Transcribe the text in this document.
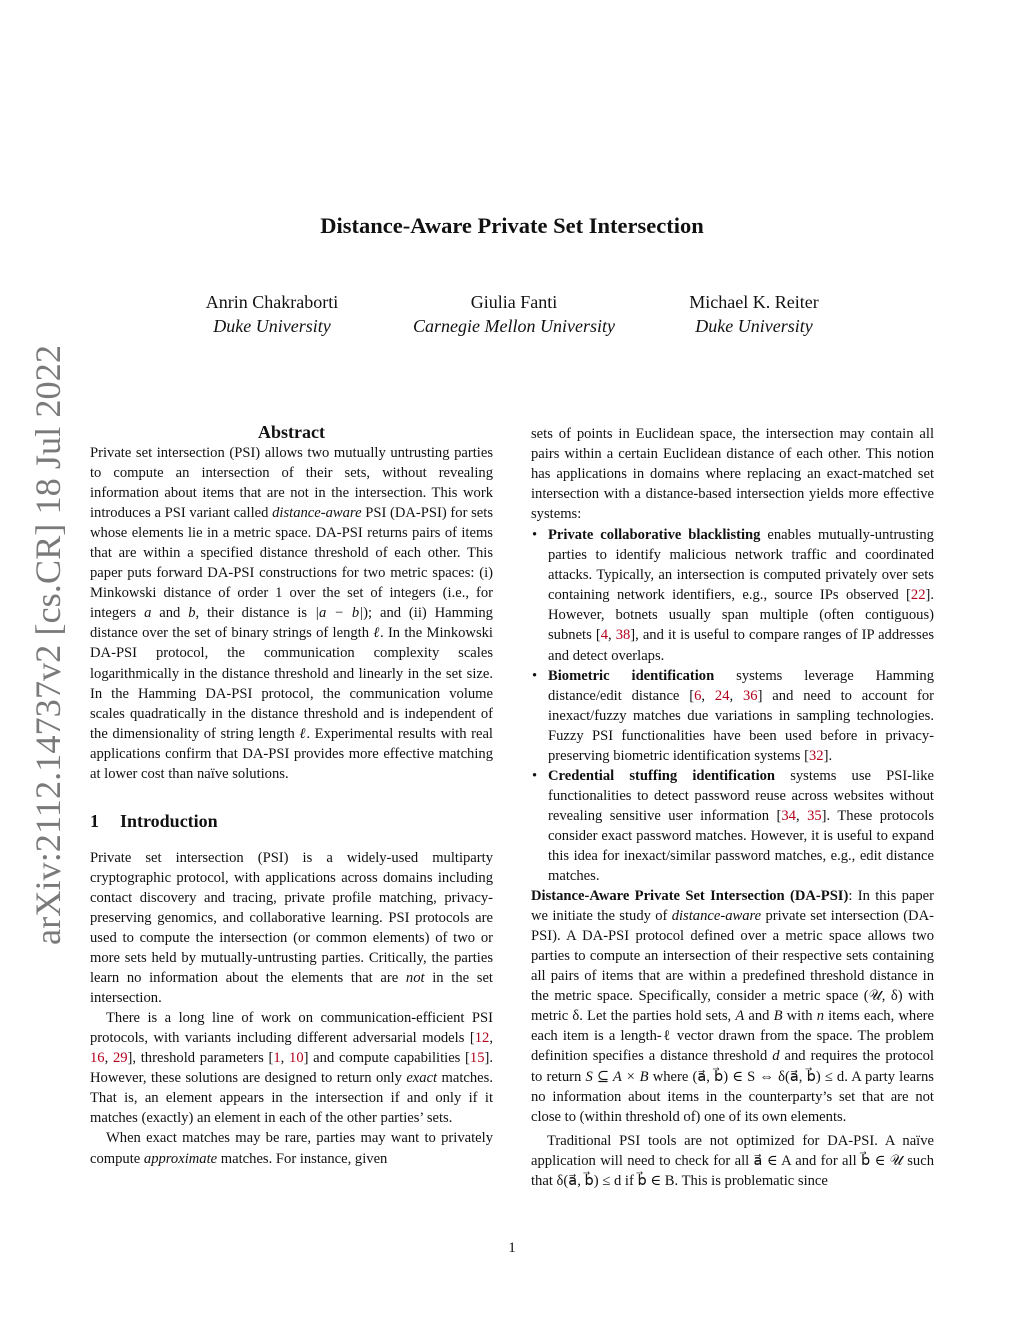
arXiv:2112.14737v2 [cs.CR] 18 Jul 2022
Distance-Aware Private Set Intersection
Anrin Chakraborti
Duke University
Giulia Fanti
Carnegie Mellon University
Michael K. Reiter
Duke University
Abstract

Private set intersection (PSI) allows two mutually untrusting parties to compute an intersection of their sets, without revealing information about items that are not in the intersection. This work introduces a PSI variant called distance-aware PSI (DA-PSI) for sets whose elements lie in a metric space. DA-PSI returns pairs of items that are within a specified distance threshold of each other. This paper puts forward DA-PSI constructions for two metric spaces: (i) Minkowski distance of order 1 over the set of integers (i.e., for integers a and b, their distance is |a − b|); and (ii) Hamming distance over the set of binary strings of length ℓ. In the Minkowski DA-PSI protocol, the communication complexity scales logarithmically in the distance threshold and linearly in the set size. In the Hamming DA-PSI protocol, the communication volume scales quadratically in the distance threshold and is independent of the dimensionality of string length ℓ. Experimental results with real applications confirm that DA-PSI provides more effective matching at lower cost than naïve solutions.

1 Introduction

Private set intersection (PSI) is a widely-used multiparty cryptographic protocol, with applications across domains including contact discovery and tracing, private profile matching, privacy-preserving genomics, and collaborative learning. PSI protocols are used to compute the intersection (or common elements) of two or more sets held by mutually-untrusting parties. Critically, the parties learn no information about the elements that are not in the set intersection.

There is a long line of work on communication-efficient PSI protocols, with variants including different adversarial models [12, 16, 29], threshold parameters [1, 10] and compute capabilities [15]. However, these solutions are designed to return only exact matches. That is, an element appears in the intersection if and only if it matches (exactly) an element in each of the other parties’ sets.

When exact matches may be rare, parties may want to privately compute approximate matches. For instance, given

sets of points in Euclidean space, the intersection may contain all pairs within a certain Euclidean distance of each other. This notion has applications in domains where replacing an exact-matched set intersection with a distance-based intersection yields more effective systems:

• Private collaborative blacklisting enables mutually-untrusting parties to identify malicious network traffic and coordinated attacks. Typically, an intersection is computed privately over sets containing network identifiers, e.g., source IPs observed [22]. However, botnets usually span multiple (often contiguous) subnets [4, 38], and it is useful to compare ranges of IP addresses and detect overlaps.
• Biometric identification systems leverage Hamming distance/edit distance [6, 24, 36] and need to account for inexact/fuzzy matches due variations in sampling technologies. Fuzzy PSI functionalities have been used before in privacy-preserving biometric identification systems [32].
• Credential stuffing identification systems use PSI-like functionalities to detect password reuse across websites without revealing sensitive user information [34, 35]. These protocols consider exact password matches. However, it is useful to expand this idea for inexact/similar password matches, e.g., edit distance matches.

Distance-Aware Private Set Intersection (DA-PSI): In this paper we initiate the study of distance-aware private set intersection (DA-PSI). A DA-PSI protocol defined over a metric space allows two parties to compute an intersection of their respective sets containing all pairs of items that are within a predefined threshold distance in the metric space. Specifically, consider a metric space (𝒰, δ) with metric δ. Let the parties hold sets, A and B with n items each, where each item is a length-ℓ vector drawn from the space. The problem definition specifies a distance threshold d and requires the protocol to return S ⊆ A × B where (a⃗, b⃗) ∈ S ⇔ δ(a⃗, b⃗) ≤ d. A party learns no information about items in the counterparty’s set that are not close to (within threshold of) one of its own elements.

Traditional PSI tools are not optimized for DA-PSI. A naïve application will need to check for all a⃗ ∈ A and for all b⃗ ∈ 𝒰 such that δ(a⃗, b⃗) ≤ d if b⃗ ∈ B. This is problematic since

1
